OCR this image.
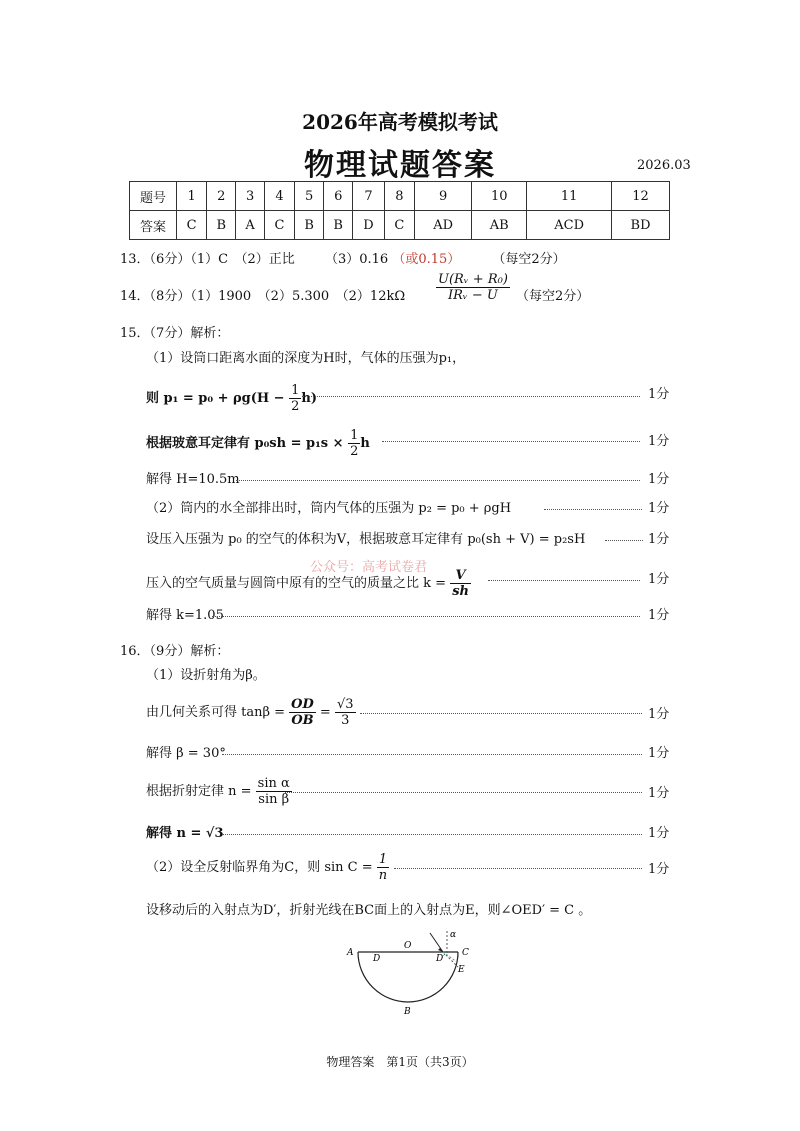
2026年高考模拟考试
物理试题答案	2026.03
题号	1	2	3	4	5	6	7	8	9	10	11	12
答案	C	B	A	C	B	B	D	C	AD	AB	ACD	BD
13．（6分）（1）C　（2）正比 （3）0.16 （或0.15） （每空2分）
14．（8分）（1）1900　（2）5.300　$(2)12k\Omega \frac{\text{U(Rᵥ + R₀)}}{\text{IRᵥ − U}}$ （每空2分）
15．（7分）解析：
（1）设筒口距离水面的深度为H时，气体的压强为p₁，
则 $p_1 = p_0 + \rho g(H - \frac{1}{2} h)$	1分
根据玻意耳定律有 $p_0sh = p_1s \times \frac{1}{2}$ h	1分
解得 H=10.5m	1分
（2）筒内的水全部排出时，筒内气体的压强为 p₂ = p₀ + ρgH	1分
设压入压强为 p₀ 的空气的体积为V，根据玻意耳定律有 p₀(sh + V) = p₂sH	1分
公众号：高考试卷君
压入的空气质量与圆筒中原有的空气的质量之比 $k = \frac{V}{sh}$	1分
解得 k=1.05	1分
16．（9分）解析：
（1）设折射角为β。
由几何关系可得 $\tan\beta = \frac{OD}{OB} = \frac{√3}{3}$	1分
解得 β = 30°	1分
根据折射定律 $n = \frac{\text{sin α}}{\text{sin β}}$	1分
解得 n = √3	1分
（2）设全反射临界角为C，则 $\sin C = \frac{1}{n}$	1分
设移动后的入射点为D′，折射光线在BC面上的入射点为E，则∠OED′ = C 。
A
D
O
D′
C
E
B
α
物理答案　第1页（共3页）
